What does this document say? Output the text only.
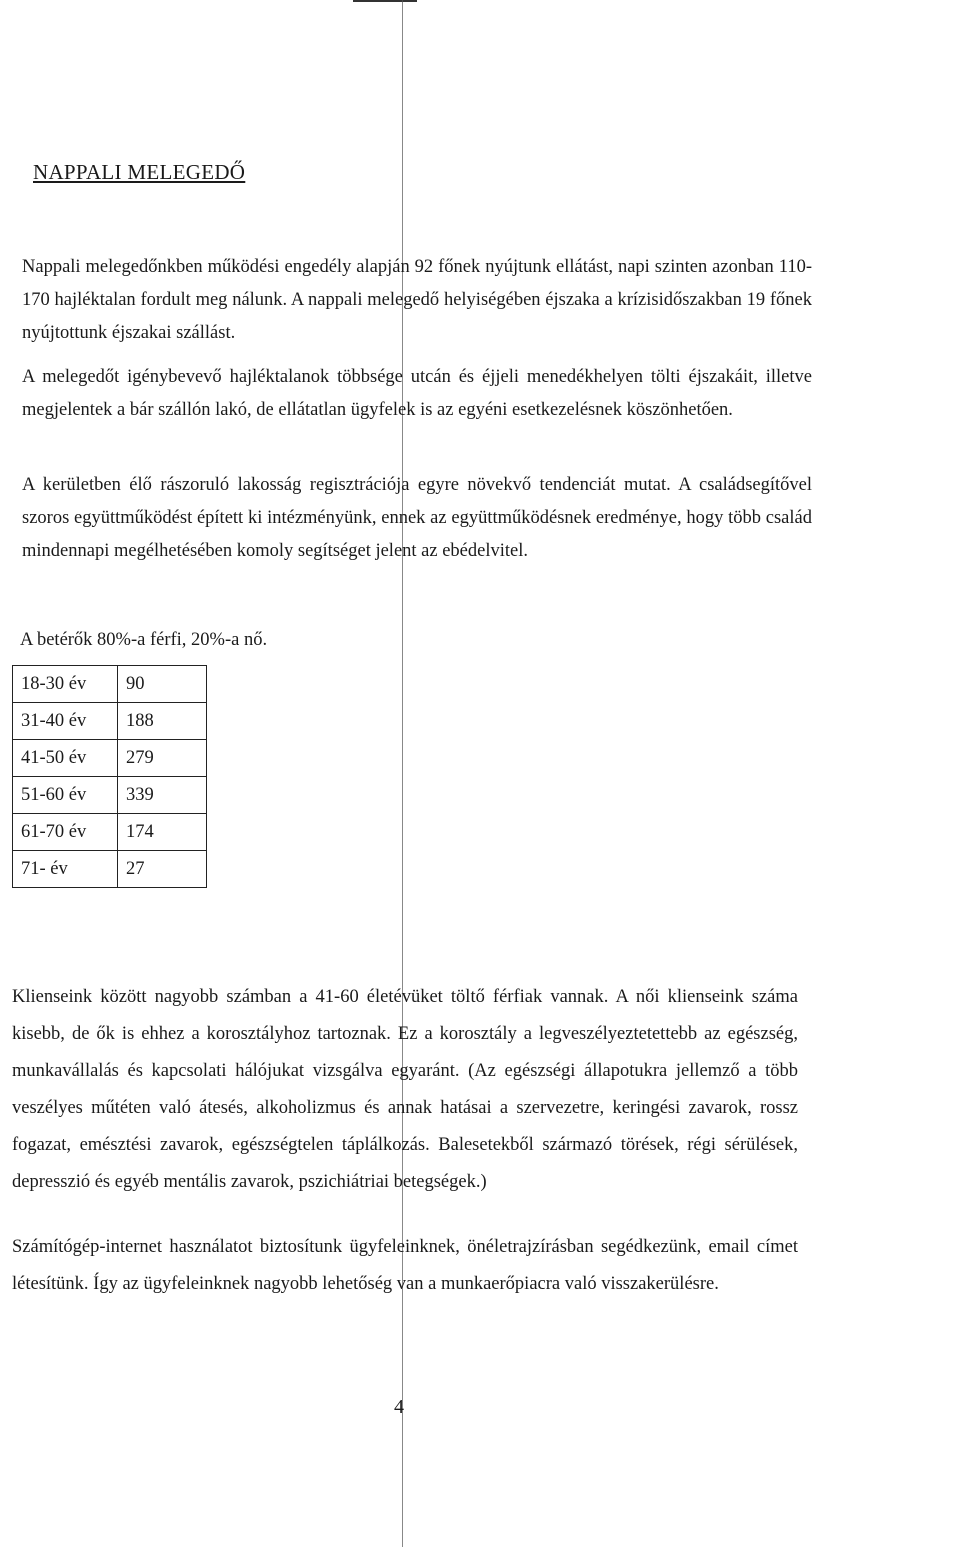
NAPPALI MELEGEDŐ

Nappali melegedőnkben működési engedély alapján 92 főnek nyújtunk ellátást, napi szinten azonban 110-170 hajléktalan fordult meg nálunk. A nappali melegedő helyiségében éjszaka a krízisidőszakban 19 főnek nyújtottunk éjszakai szállást.

A melegedőt igénybevevő hajléktalanok többsége utcán és éjjeli menedékhelyen tölti éjszakáit, illetve megjelentek a bár szállón lakó, de ellátatlan ügyfelek is az egyéni esetkezelésnek köszönhetően.

A kerületben élő rászoruló lakosság regisztrációja egyre növekvő tendenciát mutat. A családsegítővel szoros együttműködést épített ki intézményünk, ennek az együttműködésnek eredménye, hogy több család mindennapi megélhetésében komoly segítséget jelent az ebédelvitel.

A betérők 80%-a férfi, 20%-a nő.
18-30 év	90
31-40 év	188
41-50 év	279
51-60 év	339
61-70 év	174
71- év	27

Klienseink között nagyobb számban a 41-60 életévüket töltő férfiak vannak. A női klienseink száma kisebb, de ők is ehhez a korosztályhoz tartoznak. Ez a korosztály a legveszélyeztetettebb az egészség, munkavállalás és kapcsolati hálójukat vizsgálva egyaránt. (Az egészségi állapotukra jellemző a több veszélyes műtéten való átesés, alkoholizmus és annak hatásai a szervezetre, keringési zavarok, rossz fogazat, emésztési zavarok, egészségtelen táplálkozás. Balesetekből származó törések, régi sérülések, depresszió és egyéb mentális zavarok, pszichiátriai betegségek.)

Számítógép-internet használatot biztosítunk ügyfeleinknek, önéletrajzírásban segédkezünk, email címet létesítünk. Így az ügyfeleinknek nagyobb lehetőség van a munkaerőpiacra való visszakerülésre.

4
